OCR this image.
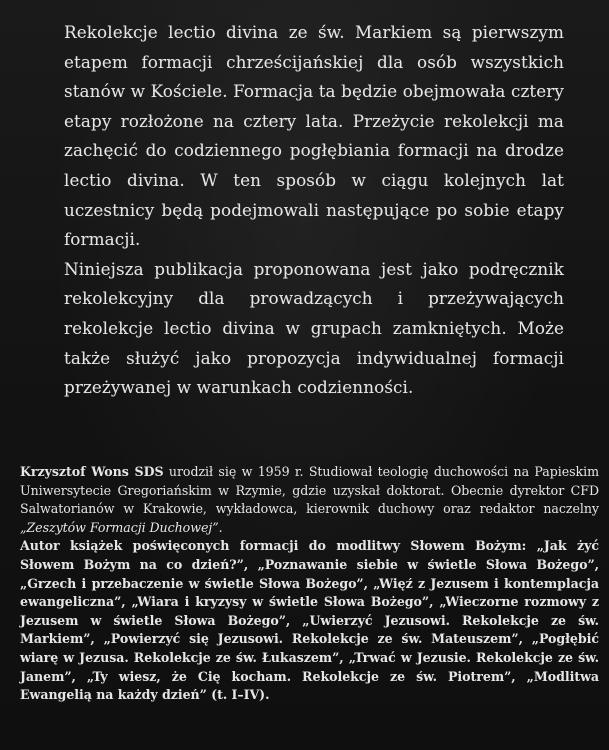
Rekolekcje lectio divina ze św. Markiem są pierwszym etapem formacji chrześcijańskiej dla osób wszystkich stanów w Kościele. Formacja ta będzie obejmowała cztery etapy rozłożone na cztery lata. Przeżycie rekolekcji ma zachęcić do codziennego pogłębiania formacji na drodze lectio divina. W ten sposób w ciągu kolejnych lat uczestnicy będą podejmowali następujące po sobie etapy formacji.

Niniejsza publikacja proponowana jest jako podręcznik rekolekcyjny dla prowadzących i przeżywających rekolekcje lectio divina w grupach zamkniętych. Może także służyć jako propozycja indywidualnej formacji przeżywanej w warunkach codzienności.

Krzysztof Wons SDS urodził się w 1959 r. Studiował teologię duchowości na Papieskim Uniwersytecie Gregoriańskim w Rzymie, gdzie uzyskał doktorat. Obecnie dyrektor CFD Salwatorianów w Krakowie, wykładowca, kierownik duchowy oraz redaktor naczelny „Zeszytów Formacji Duchowej”.

Autor książek poświęconych formacji do modlitwy Słowem Bożym: „Jak żyć Słowem Bożym na co dzień?”, „Poznawanie siebie w świetle Słowa Bożego”, „Grzech i przebaczenie w świetle Słowa Bożego”, „Więź z Jezusem i kontemplacja ewangeliczna”, „Wiara i kryzysy w świetle Słowa Bożego”, „Wieczorne rozmowy z Jezusem w świetle Słowa Bożego”, „Uwierzyć Jezusowi. Rekolekcje ze św. Markiem”, „Powierzyć się Jezusowi. Rekolekcje ze św. Mateuszem”, „Pogłębić wiarę w Jezusa. Rekolekcje ze św. Łukaszem”, „Trwać w Jezusie. Rekolekcje ze św. Janem”, „Ty wiesz, że Cię kocham. Rekolekcje ze św. Piotrem”, „Modlitwa Ewangelią na każdy dzień” (t. I–IV).
